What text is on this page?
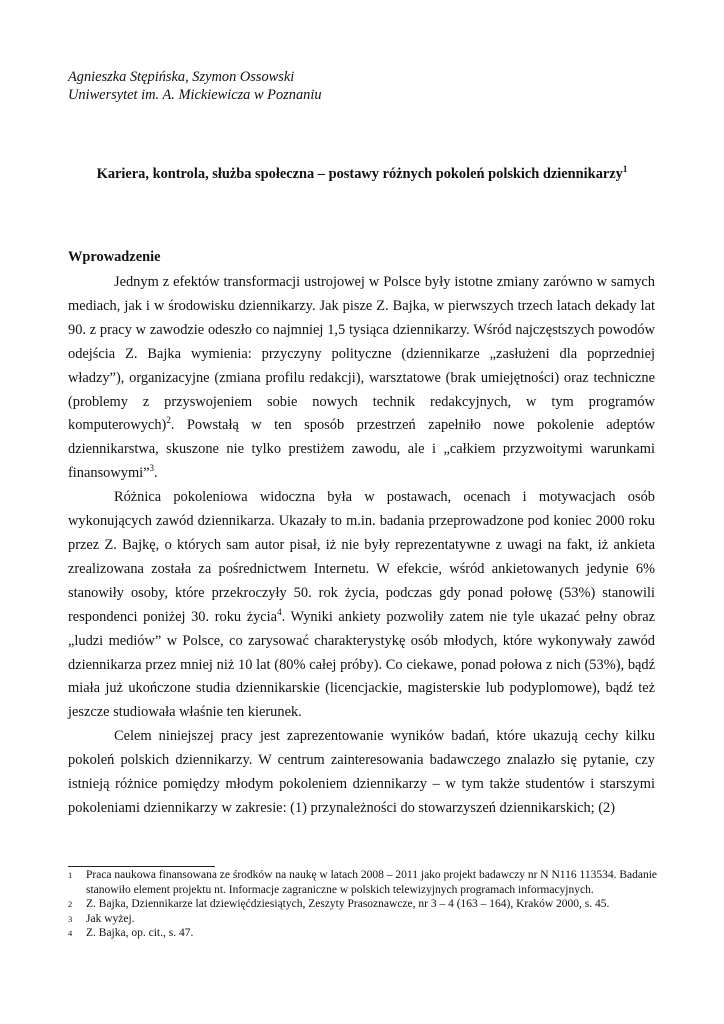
Agnieszka Stępińska, Szymon Ossowski
Uniwersytet im. A. Mickiewicza w Poznaniu
Kariera, kontrola, służba społeczna – postawy różnych pokoleń polskich dziennikarzy$^1$
Wprowadzenie

Jednym z efektów transformacji ustrojowej w Polsce były istotne zmiany zarówno w samych mediach, jak i w środowisku dziennikarzy. Jak pisze Z. Bajka, w pierwszych trzech latach dekady lat 90. z pracy w zawodzie odeszło co najmniej 1,5 tysiąca dziennikarzy. Wśród najczęstszych powodów odejścia Z. Bajka wymienia: przyczyny polityczne (dziennikarze „zasłużeni dla poprzedniej władzy”), organizacyjne (zmiana profilu redakcji), warsztatowe (brak umiejętności) oraz techniczne (problemy z przyswojeniem sobie nowych technik redakcyjnych, w tym programów komputerowych)$^2$. Powstałą w ten sposób przestrzeń zapełniło nowe pokolenie adeptów dziennikarstwa, skuszone nie tylko prestiżem zawodu, ale i „całkiem przyzwoitymi warunkami finansowymi”$^3$.

Różnica pokoleniowa widoczna była w postawach, ocenach i motywacjach osób wykonujących zawód dziennikarza. Ukazały to m.in. badania przeprowadzone pod koniec 2000 roku przez Z. Bajkę, o których sam autor pisał, iż nie były reprezentatywne z uwagi na fakt, iż ankieta zrealizowana została za pośrednictwem Internetu. W efekcie, wśród ankietowanych jedynie 6% stanowiły osoby, które przekroczyły 50. rok życia, podczas gdy ponad połowę (53%) stanowili respondenci poniżej 30. roku życia$^4$. Wyniki ankiety pozwoliły zatem nie tyle ukazać pełny obraz „ludzi mediów” w Polsce, co zarysować charakterystykę osób młodych, które wykonywały zawód dziennikarza przez mniej niż 10 lat (80% całej próby). Co ciekawe, ponad połowa z nich (53%), bądź miała już ukończone studia dziennikarskie (licencjackie, magisterskie lub podyplomowe), bądź też jeszcze studiowała właśnie ten kierunek.

Celem niniejszej pracy jest zaprezentowanie wyników badań, które ukazują cechy kilku pokoleń polskich dziennikarzy. W centrum zainteresowania badawczego znalazło się pytanie, czy istnieją różnice pomiędzy młodym pokoleniem dziennikarzy – w tym także studentów i starszymi pokoleniami dziennikarzy w zakresie: (1) przynależności do stowarzyszeń dziennikarskich; (2)

1	Praca naukowa finansowana ze środków na naukę w latach 2008 – 2011 jako projekt badawczy nr N N116 113534. Badanie stanowiło element projektu nt. Informacje zagraniczne w polskich telewizyjnych programach informacyjnych.
2	Z. Bajka, Dziennikarze lat dziewięćdziesiątych, Zeszyty Prasoznawcze, nr 3 – 4 (163 – 164), Kraków 2000, s. 45.
3	Jak wyżej.
4	Z. Bajka, op. cit., s. 47.
